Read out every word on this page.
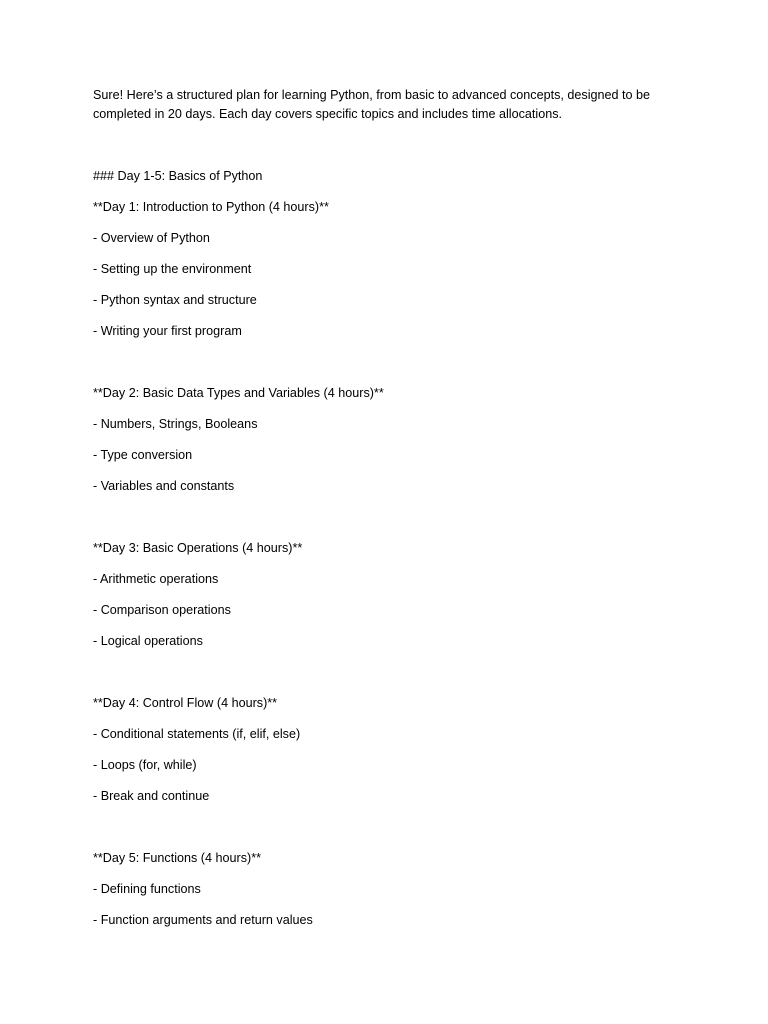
Sure! Here’s a structured plan for learning Python, from basic to advanced concepts, designed to be completed in 20 days. Each day covers specific topics and includes time allocations.

### Day 1-5: Basics of Python

**Day 1: Introduction to Python (4 hours)**

- Overview of Python

- Setting up the environment

- Python syntax and structure

- Writing your first program

**Day 2: Basic Data Types and Variables (4 hours)**

- Numbers, Strings, Booleans

- Type conversion

- Variables and constants

**Day 3: Basic Operations (4 hours)**

- Arithmetic operations

- Comparison operations

- Logical operations

**Day 4: Control Flow (4 hours)**

- Conditional statements (if, elif, else)

- Loops (for, while)

- Break and continue

**Day 5: Functions (4 hours)**

- Defining functions

- Function arguments and return values
